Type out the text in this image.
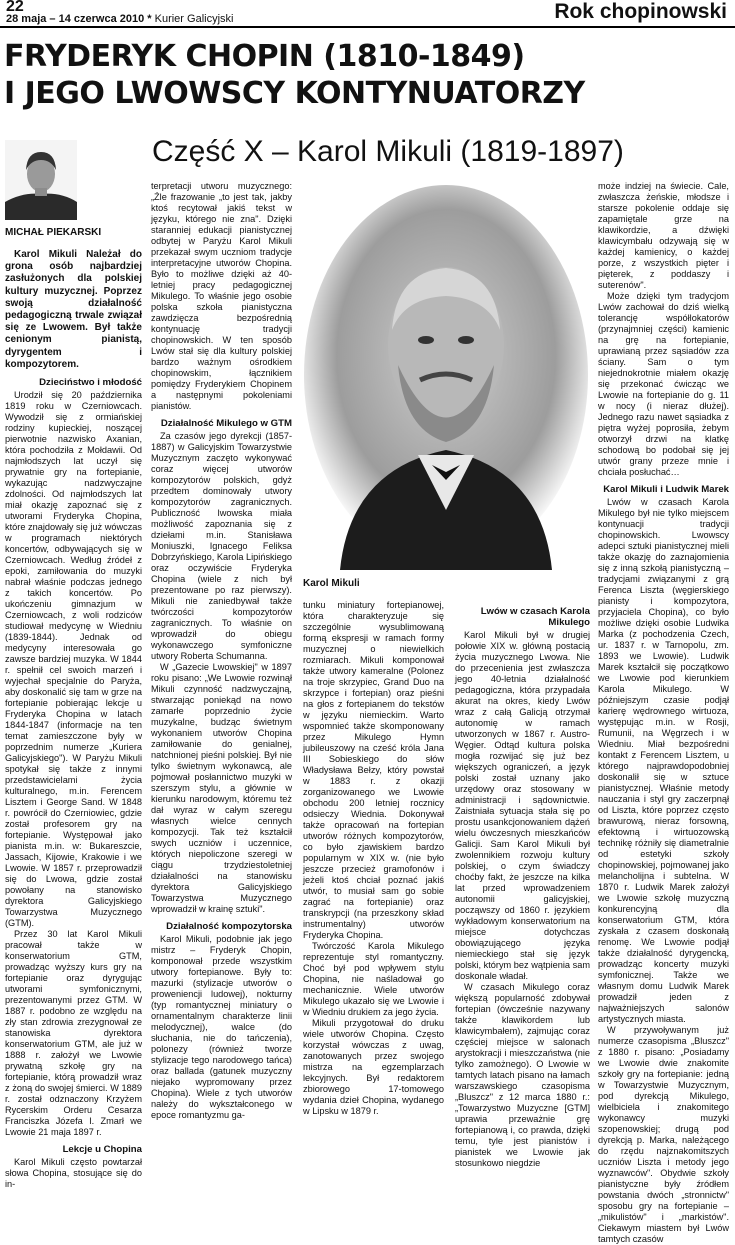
22
28 maja – 14 czerwca 2010 * Kurier Galicyjski	Rok chopinowski
FRYDERYK CHOPIN (1810-1849)
I JEGO LWOWSCY KONTYNUATORZY
Część X – Karol Mikuli (1819-1897)
MICHAŁ PIEKARSKI

Karol Mikuli Należał do grona osób najbardziej zasłużonych dla polskiej kultury muzycznej. Poprzez swoją działalność pedagogiczną trwale związał się ze Lwowem. Był także cenionym pianistą, dyrygentem i kompozytorem.

Dzieciństwo i młodość

Urodził się 20 października 1819 roku w Czerniowcach. Wywodził się z ormiańskiej rodziny kupieckiej, noszącej pierwotnie nazwisko Axanian, która pochodziła z Mołdawii. Od najmłodszych lat uczył się prywatnie gry na fortepianie, wykazując nadzwyczajne zdolności. Od najmłodszych lat miał okazję zapoznać się z utworami Fryderyka Chopina, które znajdowały się już wówczas w programach niektórych koncertów, odbywających się w Czerniowcach. Według źródeł z epoki, zamiłowania do muzyki nabrał właśnie podczas jednego z takich koncertów. Po ukończeniu gimnazjum w Czerniowcach, z woli rodziców studiował medycynę w Wiedniu (1839-1844). Jednak od medycyny interesowała go zawsze bardziej muzyka. W 1844 r. spełnił cel swoich marzeń i wyjechał specjalnie do Paryża, aby doskonalić się tam w grze na fortepianie pobierając lekcje u Fryderyka Chopina w latach 1844-1847 (informacje na ten temat zamieszczone były w poprzednim numerze „Kuriera Galicyjskiego"). W Paryżu Mikuli spotykał się także z innymi przedstawicielami życia kulturalnego, m.in. Ferencem Lisztem i George Sand. W 1848 r. powrócił do Czerniowiec, gdzie został profesorem gry na fortepianie. Występował jako pianista m.in. w: Bukareszcie, Jassach, Kijowie, Krakowie i we Lwowie. W 1857 r. przeprowadził się do Lwowa, gdzie został powołany na stanowisko dyrektora Galicyjskiego Towarzystwa Muzycznego (GTM).

Przez 30 lat Karol Mikuli pracował także w konserwatorium GTM, prowadząc wyższy kurs gry na fortepianie oraz dyrygując utworami symfonicznymi, prezentowanymi przez GTM. W 1887 r. podobno ze względu na zły stan zdrowia zrezygnował ze stanowiska dyrektora konserwatorium GTM, ale już w 1888 r. założył we Lwowie prywatną szkołę gry na fortepianie, którą prowadził wraz z żoną do swojej śmierci. W 1889 r. został odznaczony Krzyżem Rycerskim Orderu Cesarza Franciszka Józefa I. Zmarł we Lwowie 21 maja 1897 r.

Lekcje u Chopina

Karol Mikuli często powtarzał słowa Chopina, stosujące się do in-

terpretacji utworu muzycznego: „Źle frazowanie „to jest tak, jakby ktoś recytował jakiś tekst w języku, którego nie zna". Dzięki staranniej edukacji pianistycznej odbytej w Paryżu Karol Mikuli przekazał swym uczniom tradycje interpretacyjne utworów Chopina. Było to możliwe dzięki aż 40-letniej pracy pedagogicznej Mikulego. To właśnie jego osobie polska szkoła pianistyczna zawdzięcza bezpośrednią kontynuację tradycji chopinowskich. W ten sposób Lwów stał się dla kultury polskiej bardzo ważnym ośrodkiem chopinowskim, łącznikiem pomiędzy Fryderykiem Chopinem a następnymi pokoleniami pianistów.

Działalność Mikulego w GTM

Za czasów jego dyrekcji (1857-1887) w Galicyjskim Towarzystwie Muzycznym zaczęto wykonywać coraz więcej utworów kompozytorów polskich, gdyż przedtem dominowały utwory kompozytorów zagranicznych. Publiczność lwowska miała możliwość zapoznania się z dziełami m.in. Stanisława Moniuszki, Ignacego Feliksa Dobrzyńskiego, Karola Lipińskiego oraz oczywiście Fryderyka Chopina (wiele z nich był prezentowane po raz pierwszy). Mikuli nie zaniedbywał także twórczości kompozytorów zagranicznych. To właśnie on wprowadził do obiegu wykonawczego symfoniczne utwory Roberta Schumanna.

W „Gazecie Lwowskiej" w 1897 roku pisano: „We Lwowie rozwinął Mikuli czynność nadzwyczajną, stwarzając poniekąd na nowo zamarłe poprzednio życie muzykalne, budząc świetnym wykonaniem utworów Chopina zamiłowanie do genialnej, natchnionej pieśni polskiej. Był nie tylko świetnym wykonawcą, ale pojmował posłannictwo muzyki w szerszym stylu, a głównie w kierunku narodowym, któremu też dał wyraz w całym szeregu własnych wielce cennych kompozycji. Tak też kształcił swych uczniów i uczennice, których niepoliczone szeregi w ciągu trzydziestoletniej działalności na stanowisku dyrektora Galicyjskiego Towarzystwa Muzycznego wprowadził w krainę sztuki".

Działalność kompozytorska

Karol Mikuli, podobnie jak jego mistrz – Fryderyk Chopin, komponował przede wszystkim utwory fortepianowe. Były to: mazurki (stylizacje utworów o proweniencji ludowej), nokturny (typ romantycznej miniatury o ornamentalnym charakterze linii melodycznej), walce (do słuchania, nie do tańczenia), polonezy (również tworze stylizacje tego narodowego tańca) oraz ballada (gatunek muzyczny niejako wypromowany przez Chopina). Wiele z tych utworów należy do wykształconego w epoce romantyzmu ga-

Karol Mikuli

tunku miniatury fortepianowej, która charakteryzuje się szczególnie wysublimowaną formą ekspresji w ramach formy muzycznej o niewielkich rozmiarach. Mikuli komponował także utwory kameralne (Polonez na troje skrzypiec, Grand Duo na skrzypce i fortepian) oraz pieśni na głos z fortepianem do tekstów w języku niemieckim. Warto wspomnieć także skomponowany przez Mikulego Hymn jubileuszowy na cześć króla Jana III Sobieskiego do słów Władysława Bełzy, który powstał w 1883 r. z okazji zorganizowanego we Lwowie obchodu 200 letniej rocznicy odsieczy Wiednia. Dokonywał także opracowań na fortepian utworów różnych kompozytorów, co było zjawiskiem bardzo popularnym w XIX w. (nie było jeszcze przecież gramofonów i jeżeli ktoś chciał poznać jakiś utwór, to musiał sam go sobie zagrać na fortepianie) oraz transkrypcji (na przeszkony skład instrumentalny) utworów Fryderyka Chopina.

Twórczość Karola Mikulego reprezentuje styl romantyczny. Choć był pod wpływem stylu Chopina, nie naśladował go mechanicznie. Wiele utworów Mikulego ukazało się we Lwowie i w Wiedniu drukiem za jego życia.

Mikuli przygotował do druku wiele utworów Chopina. Często korzystał wówczas z uwag, zanotowanych przez swojego mistrza na egzemplarzach lekcyjnych. Był redaktorem zbiorowego 17-tomowego wydania dzieł Chopina, wydanego w Lipsku w 1879 r.

Lwów w czasach Karola Mikulego

Karol Mikuli był w drugiej połowie XIX w. główną postacią życia muzycznego Lwowa. Nie do przecenienia jest zwłaszcza jego 40-letnia działalność pedagogiczna, która przypadała akurat na okres, kiedy Lwów wraz z całą Galicją otrzymał autonomię w ramach utworzonych w 1867 r. Austro-Węgier. Odtąd kultura polska mogła rozwijać się już bez większych ograniczeń, a język polski został uznany jako urzędowy oraz stosowany w administracji i sądownictwie. Zaistniała sytuacja stała się po prostu usankcjonowaniem dążeń wielu ówczesnych mieszkańców Galicji. Sam Karol Mikuli był zwolennikiem rozwoju kultury polskiej, o czym świadczy choćby fakt, że jeszcze na kilka lat przed wprowadzeniem autonomii galicyjskiej, począwszy od 1860 r. językiem wykładowym konserwatorium na miejsce dotychczas obowiązującego języka niemieckiego stał się język polski, którym bez wątpienia sam doskonale władał.

W czasach Mikulego coraz większą popularność zdobywał fortepian (ówcześnie nazywany także klawikordem lub klawicymbałem), zajmując coraz częściej miejsce w salonach arystokracji i mieszczaństwa (nie tylko zamożnego). O Lwowie w tamtych latach pisano na łamach warszawskiego czasopisma „Bluszcz" z 12 marca 1880 r.: „Towarzystwo Muzyczne [GTM] uprawia przeważnie grę fortepianową i, co prawda, dzięki temu, tyle jest pianistów i pianistek we Lwowie jak stosunkowo niegdzie

może indziej na świecie. Cale, zwłaszcza żeńskie, młodsze i starsze pokolenie oddaje się zapamiętale grze na klawikordzie, a dźwięki klawicymbału odzywają się w każdej kamienicy, o każdej porze, z wszystkich pięter i pięterek, z poddaszy i suterenów".

Może dzięki tym tradycjom Lwów zachował do dziś wielką tolerancję współlokatorów (przynajmniej części) kamienic na grę na fortepianie, uprawianą przez sąsiadów zza ściany. Sam o tym niejednokrotnie miałem okazję się przekonać ćwicząc we Lwowie na fortepianie do g. 11 w nocy (i nieraz dłużej). Jednego razu nawet sąsiadka z piętra wyżej poprosiła, żebym otworzył drzwi na klatkę schodową bo podobał się jej utwór grany przeze mnie i chciała posłuchać…

Karol Mikuli i Ludwik Marek

Lwów w czasach Karola Mikulego był nie tylko miejscem kontynuacji tradycji chopinowskich. Lwowscy adepci sztuki pianistycznej mieli także okazję do zaznajomienia się z inną szkołą pianistyczną – tradycjami związanymi z grą Ferenca Liszta (węgierskiego pianisty i kompozytora, przyjaciela Chopina), co było możliwe dzięki osobie Ludwika Marka (z pochodzenia Czech, ur. 1837 r. w Tarnopolu, zm. 1893 we Lwowie). Ludwik Marek kształcił się początkowo we Lwowie pod kierunkiem Karola Mikulego. W późniejszym czasie podjął karierę wędrownego wirtuoza, występując m.in. w Rosji, Rumunii, na Węgrzech i w Wiedniu. Miał bezpośredni kontakt z Ferencem Lisztem, u którego najprawdopodobniej doskonalił się w sztuce pianistycznej. Właśnie metody nauczania i styl gry zaczerpnął od Liszta, które poprzez często brawurową, nieraz forsowną, efektowną i wirtuozowską technikę różniły się diametralnie od estetyki szkoły chopinowskiej, pojmowanej jako melancholijna i subtelna. W 1870 r. Ludwik Marek założył we Lwowie szkołę muzyczną konkurencyjną dla konserwatorium GTM, która zyskała z czasem doskonałą renomę. We Lwowie podjął także działalność dyrygencką, prowadząc koncerty muzyki symfonicznej. Także we własnym domu Ludwik Marek prowadził jeden z najważniejszych salonów artystycznych miasta.

W przywoływanym już numerze czasopisma „Bluszcz" z 1880 r. pisano: „Posiadamy we Lwowie dwie znakomite szkoły gry na fortepianie: jedną w Towarzystwie Muzycznym, pod dyrekcją Mikulego, wielbiciela i znakomitego wykonawcy muzyki szopenowskiej; drugą pod dyrekcją p. Marka, należącego do rzędu najznakomitszych uczniów Liszta i metody jego wyznawców". Obydwie szkoły pianistyczne były źródłem powstania dwóch „stronnictw" sposobu gry na fortepianie – „mikulistów" i „markistów". Ciekawym miastem był Lwów tamtych czasów
